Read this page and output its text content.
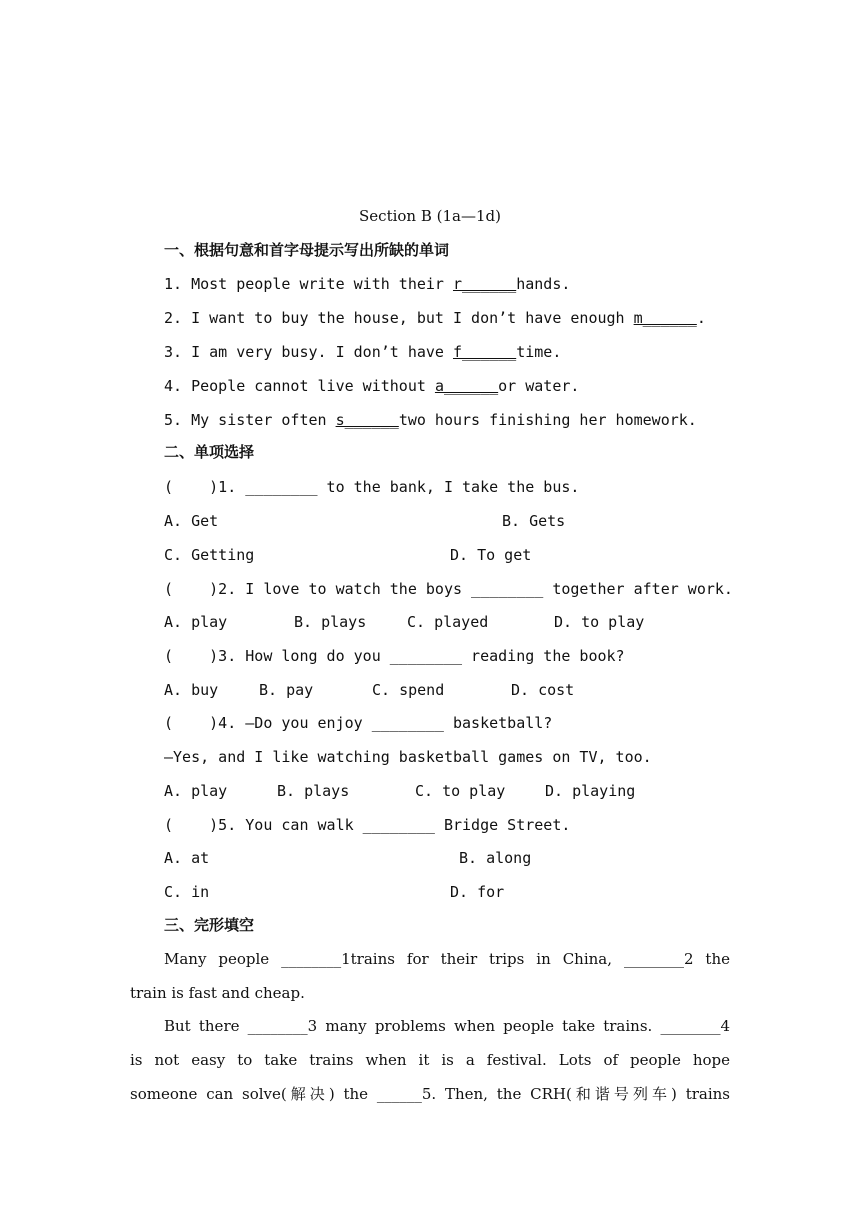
Section B (1a—1d)
一、根据句意和首字母提示写出所缺的单词
1. Most people write with their r______hands.
2. I want to buy the house, but I don’t have enough m______.
3. I am very busy. I don’t have f______time.
4. People cannot live without a______or water.
5. My sister often s______two hours finishing her homework.
二、单项选择
(    )1. ________ to the bank, I take the bus.
A. Get	B. Gets
C. Getting	D. To get
(    )2. I love to watch the boys ________ together after work.
A. play	B. plays	C. played	D. to play
(    )3. How long do you ________ reading the book?
A. buy	B. pay	C. spend	D. cost
(    )4. —Do you enjoy ________ basketball?
—Yes, and I like watching basketball games on TV, too.
A. play	B. plays	C. to play	D. playing
(    )5. You can walk ________ Bridge Street.
A. at	B. along
C. in	D. for
三、完形填空
Many people ________1trains for their trips in China, ________2 the
train is fast and cheap.
But there ________3 many problems when people take trains. ________4
is not easy to take trains when it is a festival. Lots of people hope
someone can solve(解决) the ______5. Then, the CRH(和谐号列车) trains
